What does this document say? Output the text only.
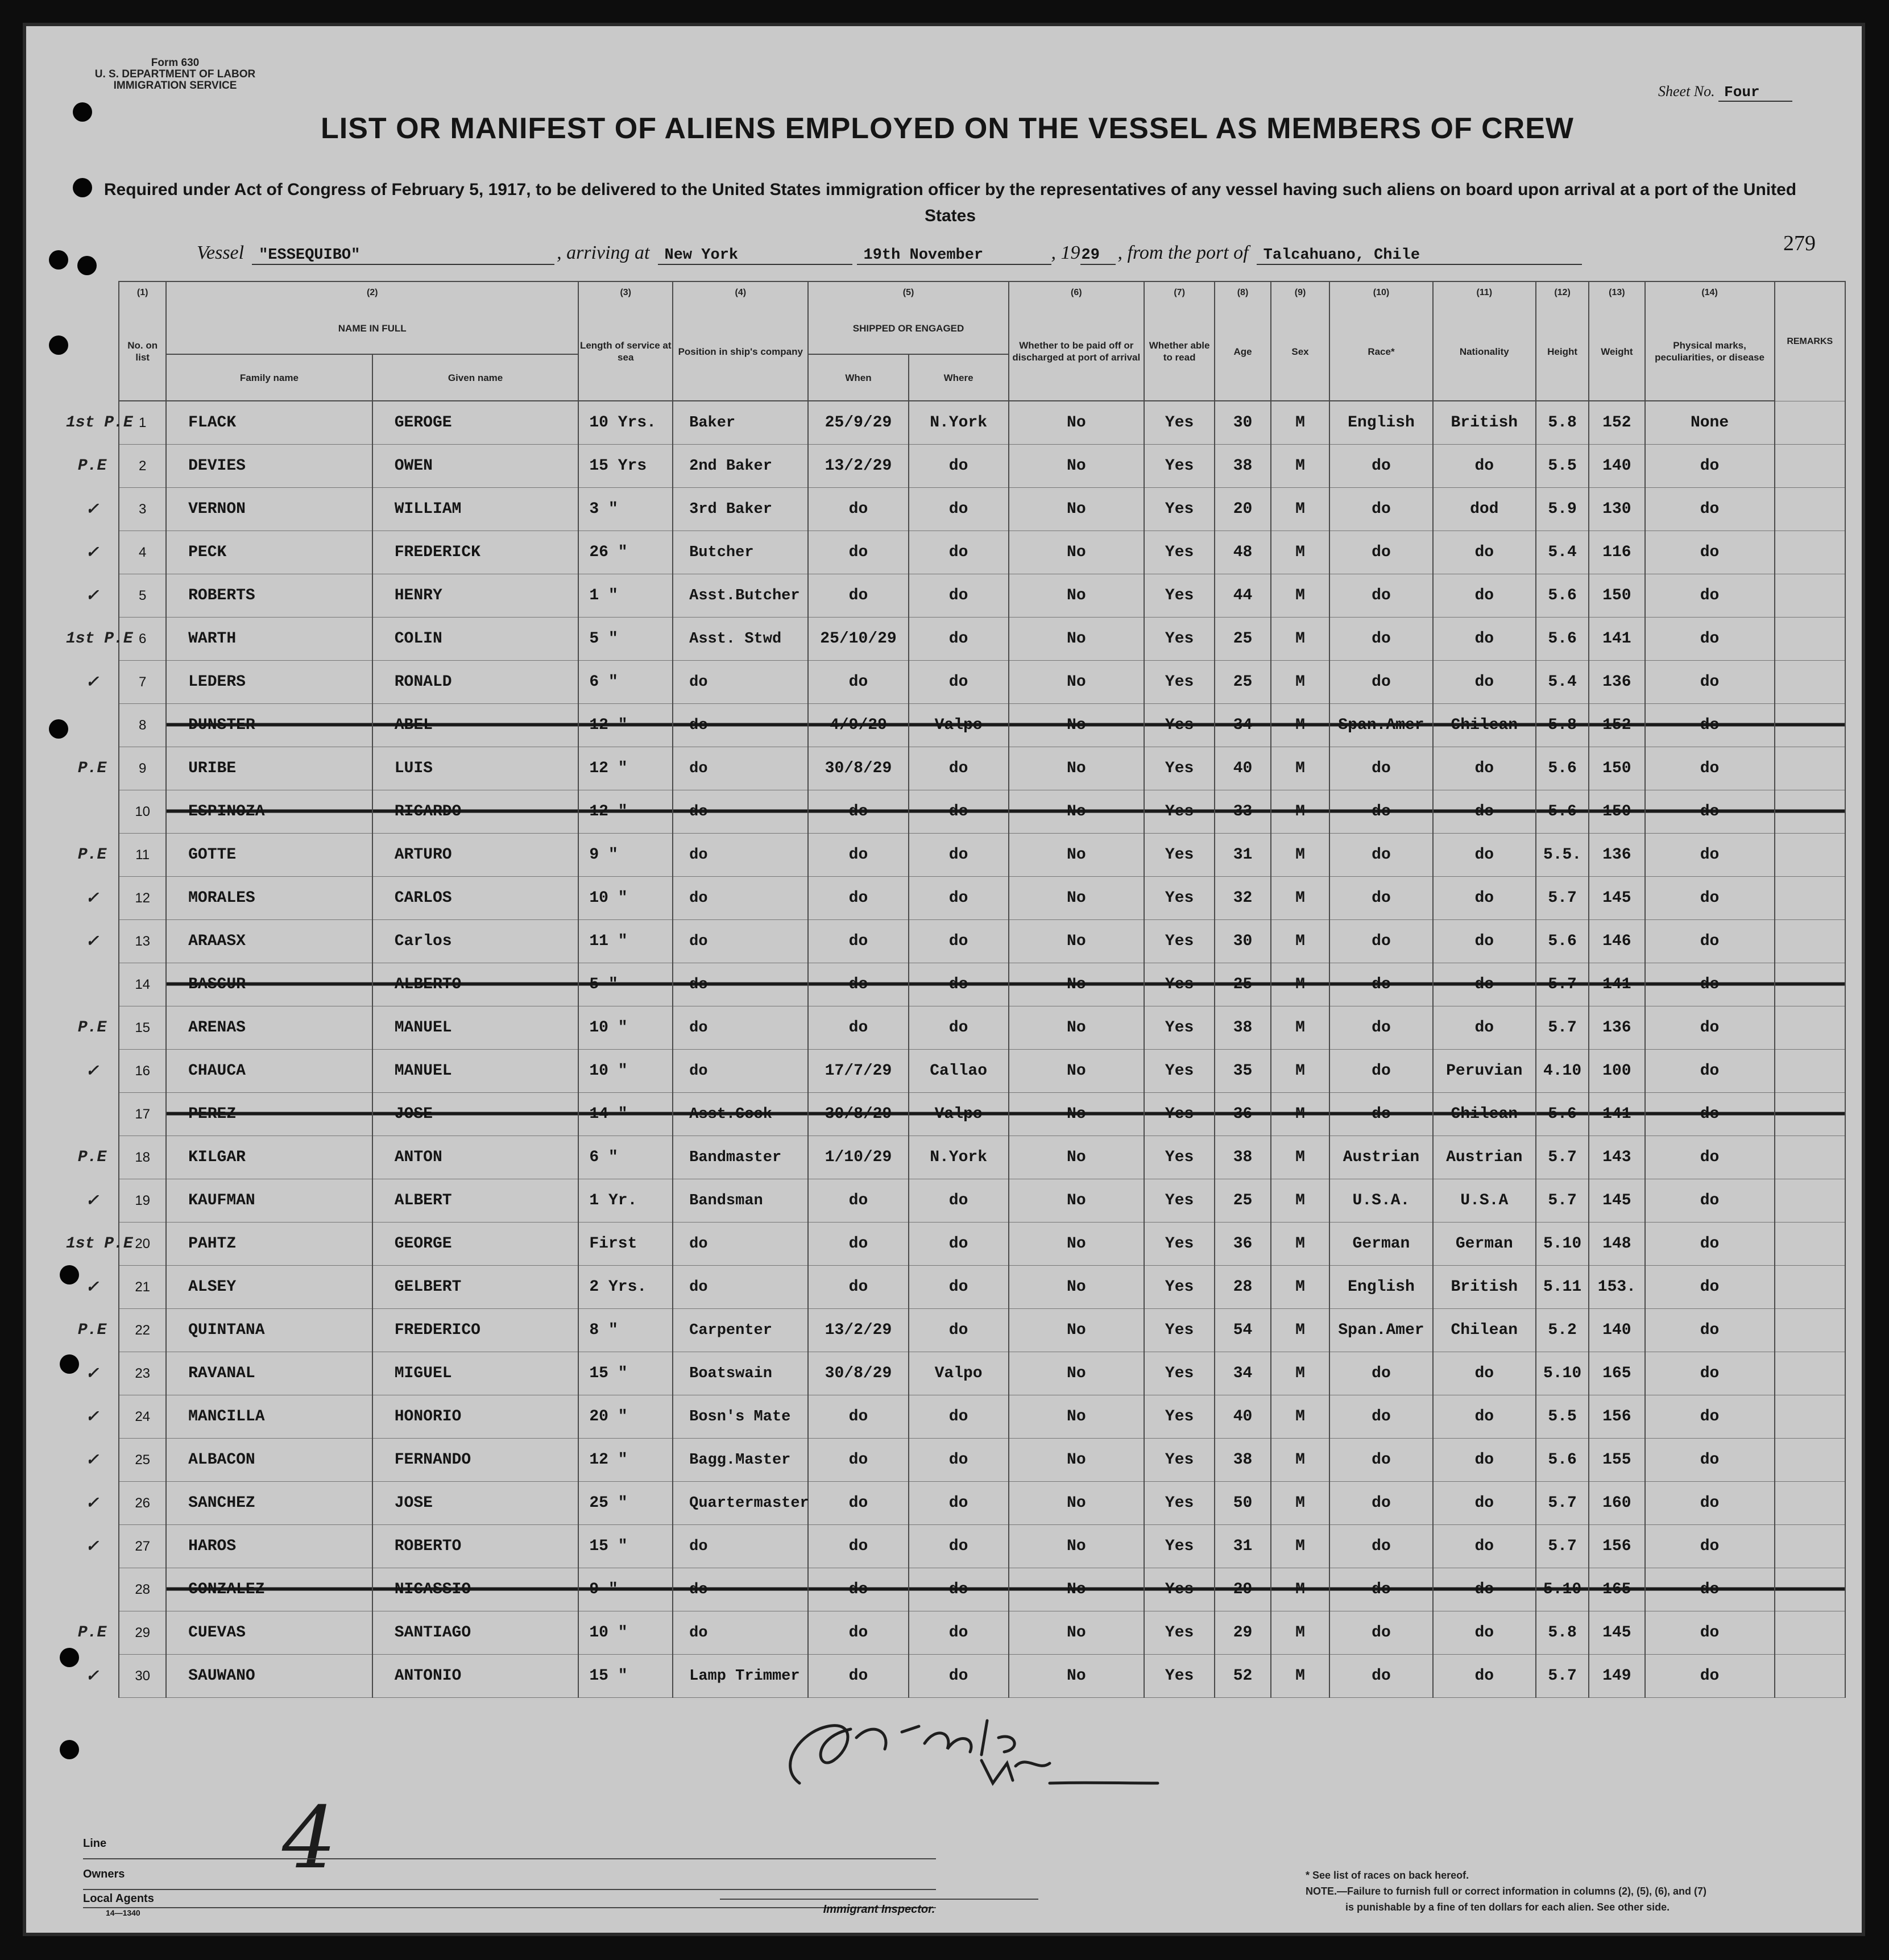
Form 630
U. S. DEPARTMENT OF LABOR
IMMIGRATION SERVICE	Sheet No. Four
LIST OR MANIFEST OF ALIENS EMPLOYED ON THE VESSEL AS MEMBERS OF CREW
Required under Act of Congress of February 5, 1917, to be delivered to the United States immigration officer by the representatives of any vessel having such aliens on board upon arrival at a port of the United States
Vessel "ESSEQUIBO"	, arriving at New York	19th November	, 19 29 , from the port of Talcahuano, Chile	279
	(1)	(2)		(3)	(4)	(5)		(6)	(7)	(8)	(9)	(10)	(11)	(12)	(13)	(14)	REMARKS
	No. on list	NAME IN FULL		Length of service at sea	Position in ship's company	SHIPPED OR ENGAGED		Whether to be paid off or discharged at port of arrival	Whether able to read	Age	Sex	Race*	Nationality	Height	Weight	Physical marks, peculiarities, or disease	
		Family name	Given name			When	Where										
1st P.E	1	FLACK	GEROGE	10 Yrs.	Baker	25/9/29	N.York	No	Yes	30	M	English	British	5.8	152	None	
P.E	2	DEVIES	OWEN	15 Yrs	2nd Baker	13/2/29	do	No	Yes	38	M	do	do	5.5	140	do	
✓	3	VERNON	WILLIAM	3 "	3rd Baker	do	do	No	Yes	20	M	do	dod	5.9	130	do	
✓	4	PECK	FREDERICK	26 "	Butcher	do	do	No	Yes	48	M	do	do	5.4	116	do	
✓	5	ROBERTS	HENRY	1 "	Asst.Butcher	do	do	No	Yes	44	M	do	do	5.6	150	do	
1st P.E	6	WARTH	COLIN	5 "	Asst. Stwd	25/10/29	do	No	Yes	25	M	do	do	5.6	141	do	
✓	7	LEDERS	RONALD	6 "	do	do	do	No	Yes	25	M	do	do	5.4	136	do	
	8	DUNSTER	ABEL	12 "	do	4/9/29	Valpo	No	Yes	34	M	Span.Amer	Chilean	5.8	152	do	
P.E	9	URIBE	LUIS	12 "	do	30/8/29	do	No	Yes	40	M	do	do	5.6	150	do	
	10	ESPINOZA	RICARDO	12 "	do	do	do	No	Yes	33	M	do	do	5.6	150	do	
P.E	11	GOTTE	ARTURO	9 "	do	do	do	No	Yes	31	M	do	do	5.5.	136	do	
✓	12	MORALES	CARLOS	10 "	do	do	do	No	Yes	32	M	do	do	5.7	145	do	
✓	13	ARAASX	Carlos	11 "	do	do	do	No	Yes	30	M	do	do	5.6	146	do	
	14	BASCUR	ALBERTO	5 "	do	do	do	No	Yes	25	M	do	do	5.7	141	do	
P.E	15	ARENAS	MANUEL	10 "	do	do	do	No	Yes	38	M	do	do	5.7	136	do	
✓	16	CHAUCA	MANUEL	10 "	do	17/7/29	Callao	No	Yes	35	M	do	Peruvian	4.10	100	do	
	17	PEREZ	JOSE	14 "	Asst.Cook	30/8/29	Valpo	No	Yes	36	M	do	Chilean	5.6	141	do	
P.E	18	KILGAR	ANTON	6 "	Bandmaster	1/10/29	N.York	No	Yes	38	M	Austrian	Austrian	5.7	143	do	
✓	19	KAUFMAN	ALBERT	1 Yr.	Bandsman	do	do	No	Yes	25	M	U.S.A.	U.S.A	5.7	145	do	
1st P.E	20	PAHTZ	GEORGE	First	do	do	do	No	Yes	36	M	German	German	5.10	148	do	
✓	21	ALSEY	GELBERT	2 Yrs.	do	do	do	No	Yes	28	M	English	British	5.11	153.	do	
P.E	22	QUINTANA	FREDERICO	8 "	Carpenter	13/2/29	do	No	Yes	54	M	Span.Amer	Chilean	5.2	140	do	
✓	23	RAVANAL	MIGUEL	15 "	Boatswain	30/8/29	Valpo	No	Yes	34	M	do	do	5.10	165	do	
✓	24	MANCILLA	HONORIO	20 "	Bosn's Mate	do	do	No	Yes	40	M	do	do	5.5	156	do	
✓	25	ALBACON	FERNANDO	12 "	Bagg.Master	do	do	No	Yes	38	M	do	do	5.6	155	do	
✓	26	SANCHEZ	JOSE	25 "	Quartermaster	do	do	No	Yes	50	M	do	do	5.7	160	do	
✓	27	HAROS	ROBERTO	15 "	do	do	do	No	Yes	31	M	do	do	5.7	156	do	
	28	GONZALEZ	NICASSIO	9 "	do	do	do	No	Yes	29	M	do	do	5.10	165	do	
P.E	29	CUEVAS	SANTIAGO	10 "	do	do	do	No	Yes	29	M	do	do	5.8	145	do	
✓	30	SAUWANO	ANTONIO	15 "	Lamp Trimmer	do	do	No	Yes	52	M	do	do	5.7	149	do	
4
Line
Owners
Local Agents
14—1340	Immigrant Inspector.
* See list of races on back hereof.
NOTE.—Failure to furnish full or correct information in columns (2), (5), (6), and (7)
is punishable by a fine of ten dollars for each alien. See other side.
